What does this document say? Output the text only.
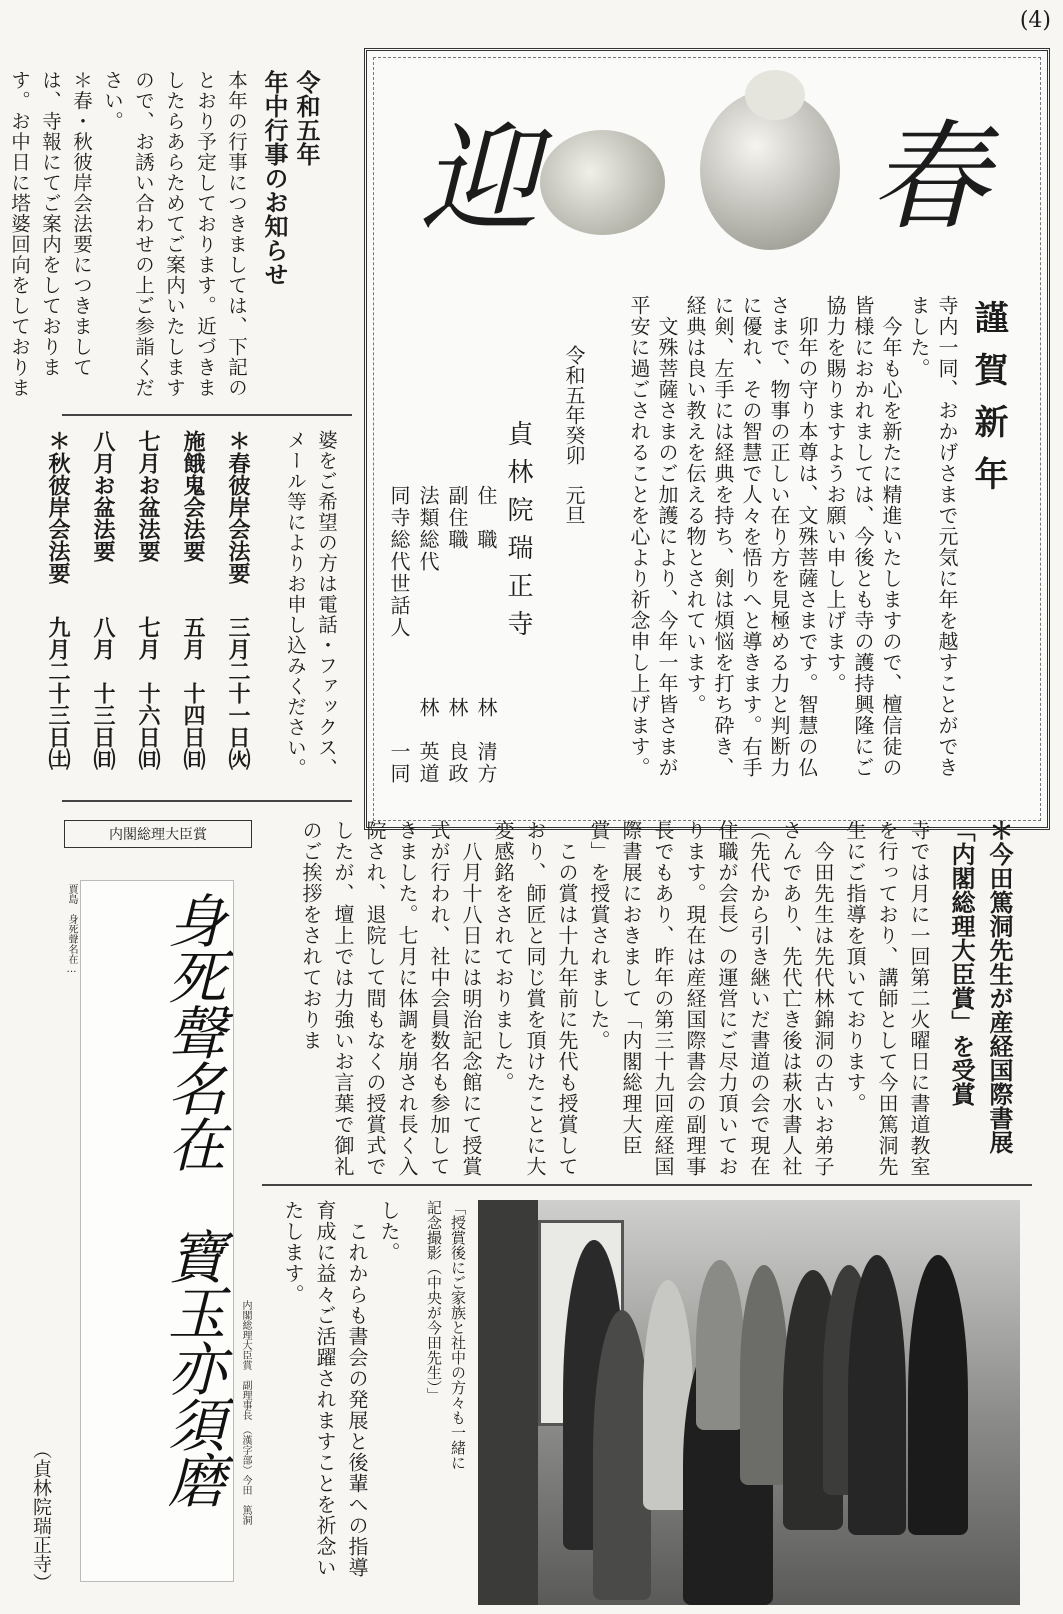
(4)
令和五年
年中行事のお知らせ
本年の行事につきましては、下記のとおり予定しております。近づきましたらあらためてご案内いたしますので、お誘い合わせの上ご参詣ください。
＊春・秋彼岸会法要につきましては、寺報にてご案内をしております。お中日に塔婆回向をしておりま
婆をご希望の方は電話・ファックス、メール等によりお申し込みください。
＊春彼岸会法要
三月二十一日㈫
施餓鬼会法要
五月　十四日㈰
七月お盆法要
七月　十六日㈰
八月お盆法要
八月　十三日㈰
＊秋彼岸会法要
九月二十三日㈯
迎	春
謹賀新年
寺内一同、おかげさまで元気に年を越すことができました。
　今年も心を新たに精進いたしますので、檀信徒の皆様におかれましては、今後とも寺の護持興隆にご協力を賜りますようお願い申し上げます。
　卯年の守り本尊は、文殊菩薩さまです。智慧の仏さまで、物事の正しい在り方を見極める力と判断力に優れ、その智慧で人々を悟りへと導きます。右手に剣、左手には経典を持ち、剣は煩悩を打ち砕き、経典は良い教えを伝える物とされています。
　文殊菩薩さまのご加護により、今年一年皆さまが平安に過ごされることを心より祈念申し上げます。
令和五年癸卯　元旦
貞林院瑞正寺
住　職
林　清方
副住職
林　良政
法類総代
林　英道
同寺総代世話人
一同
＊今田篤洞先生が産経国際書展
「内閣総理大臣賞」を受賞
寺では月に一回第二火曜日に書道教室を行っており、講師として今田篤洞先生にご指導を頂いております。
　今田先生は先代林錦洞の古いお弟子さんであり、先代亡き後は萩水書人社（先代から引き継いだ書道の会で現在住職が会長）の運営にご尽力頂いております。現在は産経国際書会の副理事長でもあり、昨年の第三十九回産経国際書展におきまして「内閣総理大臣賞」を授賞されました。
　この賞は十九年前に先代も授賞しており、師匠と同じ賞を頂けたことに大変感銘をされておりました。
　八月十八日には明治記念館にて授賞式が行われ、社中会員数名も参加してきました。七月に体調を崩され長く入院され、退院して間もなくの授賞式でしたが、壇上では力強いお言葉で御礼のご挨拶をされておりま
した。
　これからも書会の発展と後輩への指導育成に益々ご活躍されますことを祈念いたします。	「授賞後にご家族と社中の方々も一緒に記念撮影（中央が今田先生）」
内閣総理大臣賞
賈島　身死聲名在… 身死聲名在　寶玉亦須磨 内閣総理大臣賞　副理事長　（漢字部）今田　篤洞
（貞林院瑞正寺）
